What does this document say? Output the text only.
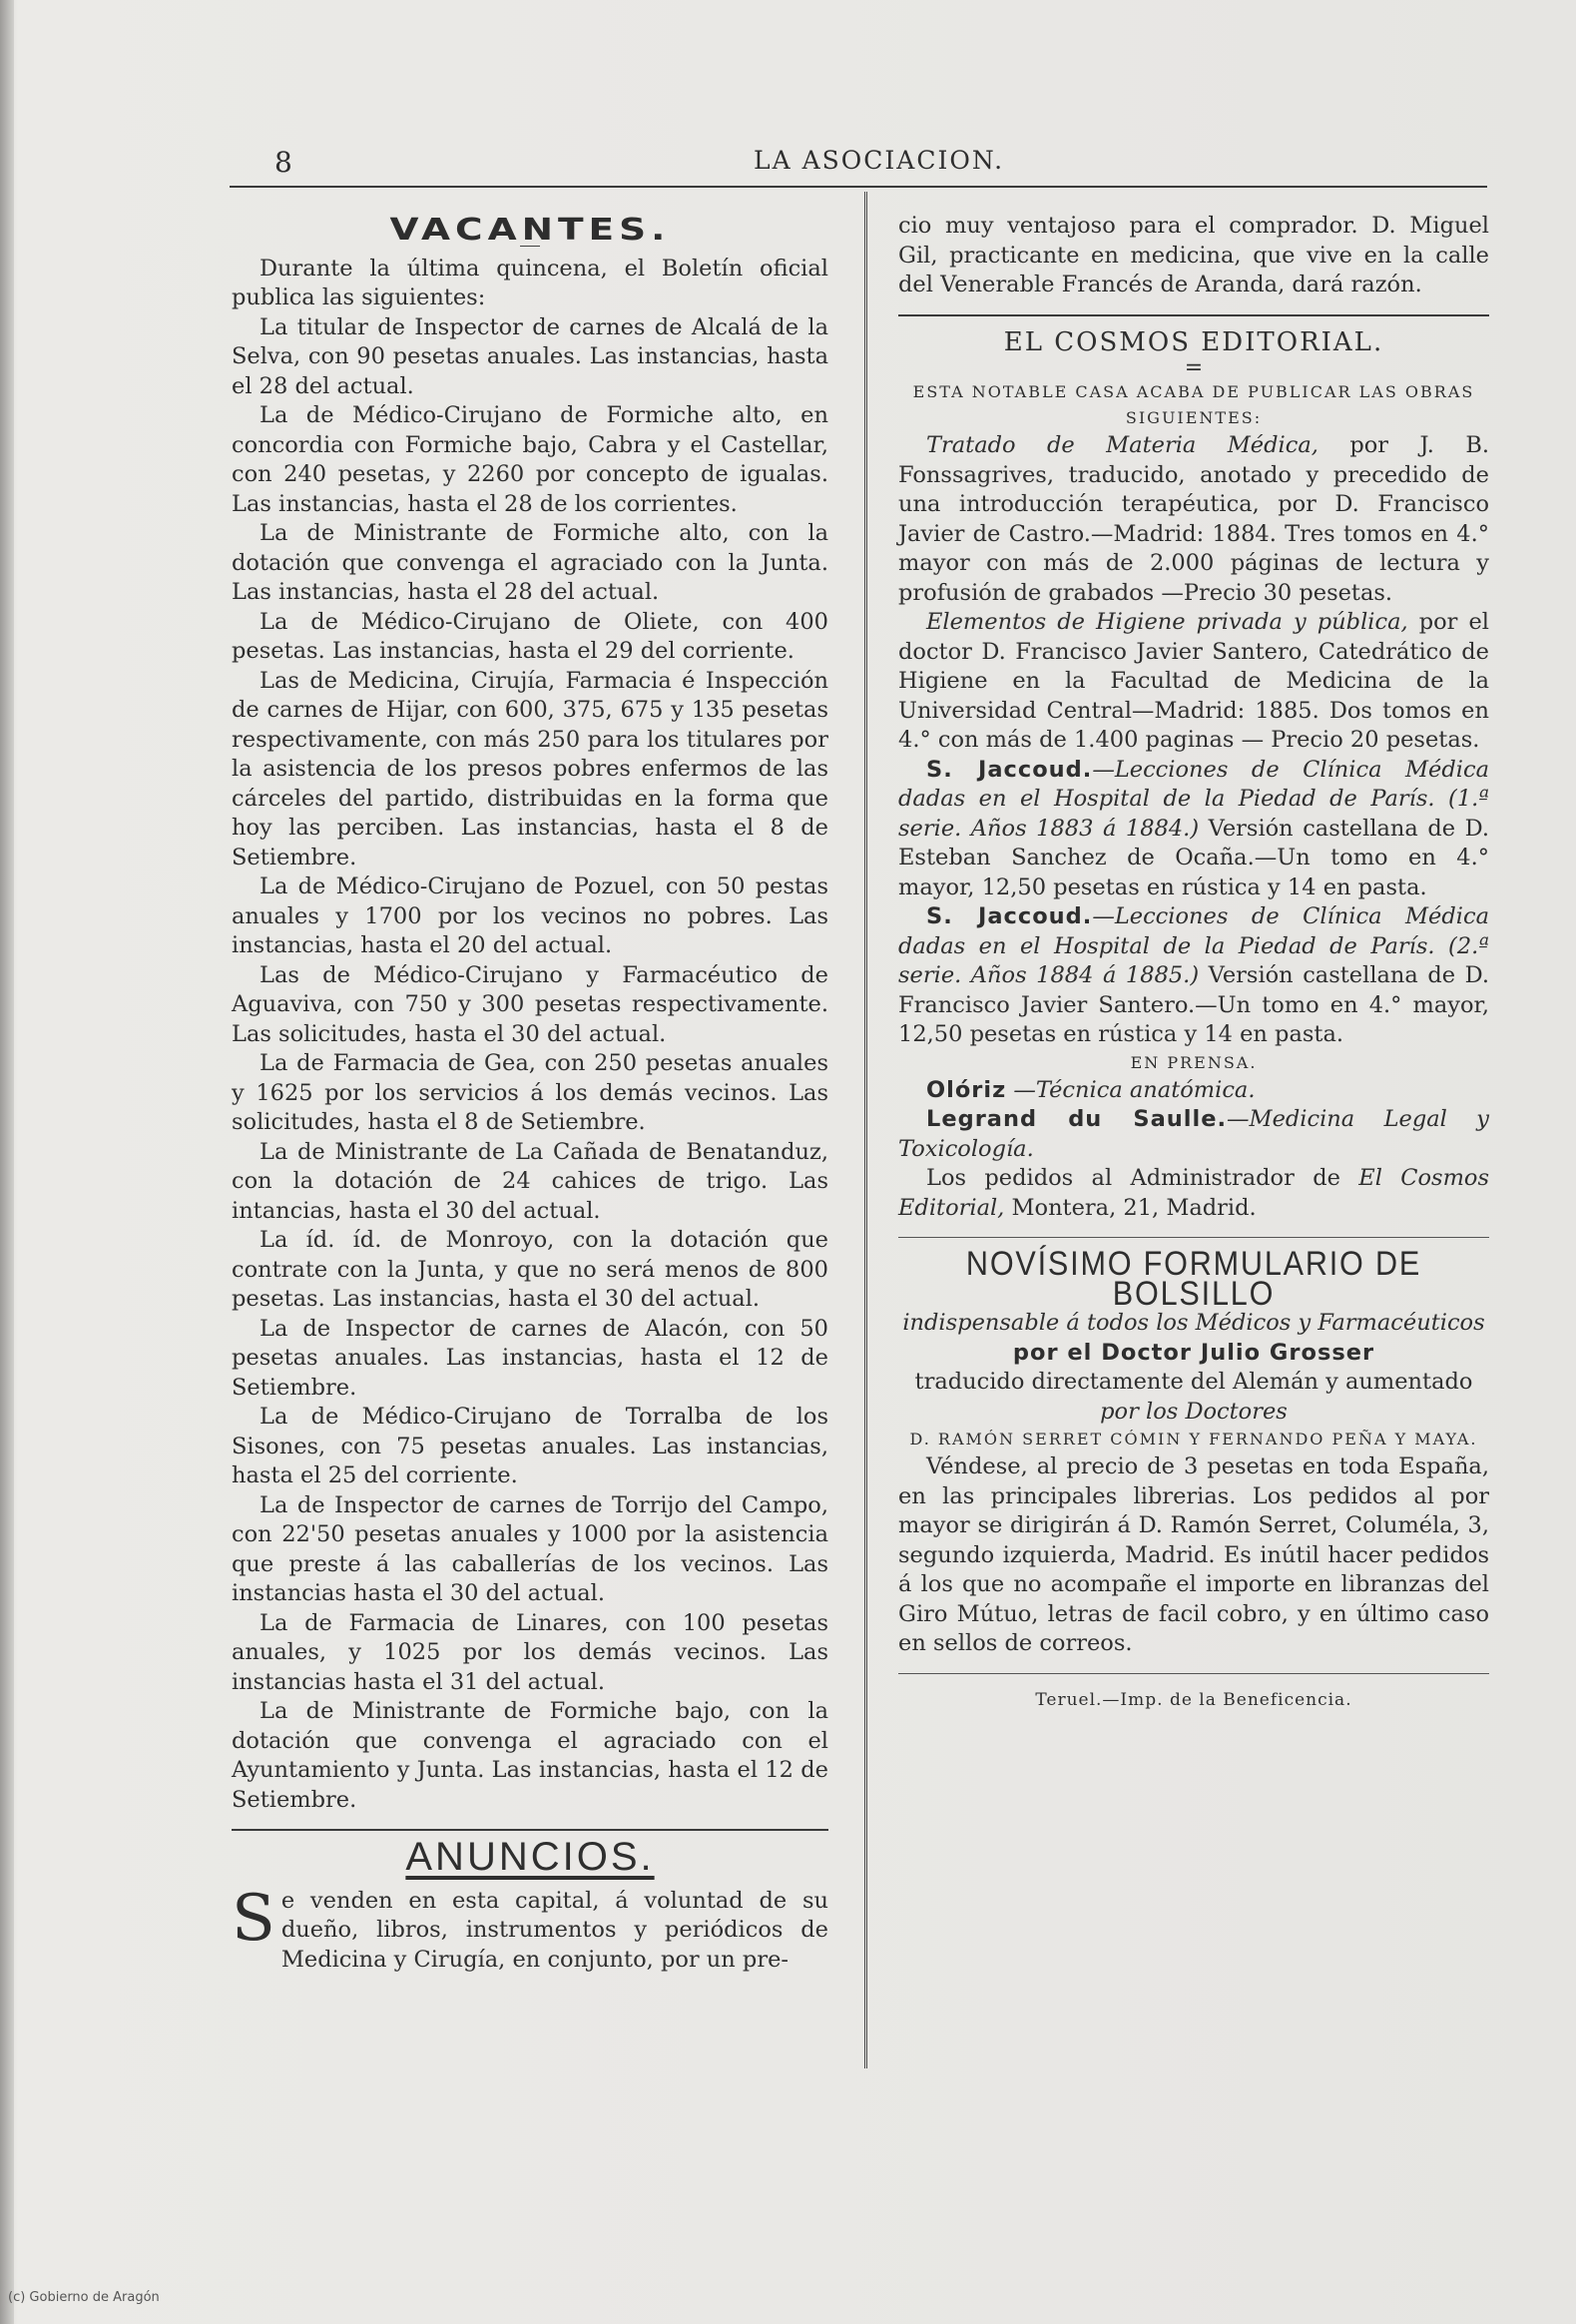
8	LA ASOCIACION.
VACANTES.

Durante la última quincena, el Boletín oficial publica las siguientes:

La titular de Inspector de carnes de Alcalá de la Selva, con 90 pesetas anuales. Las instancias, hasta el 28 del actual.

La de Médico-Cirujano de Formiche alto, en concordia con Formiche bajo, Cabra y el Castellar, con 240 pesetas, y 2260 por concepto de igualas. Las instancias, hasta el 28 de los corrientes.

La de Ministrante de Formiche alto, con la dotación que convenga el agraciado con la Junta. Las instancias, hasta el 28 del actual.

La de Médico-Cirujano de Oliete, con 400 pesetas. Las instancias, hasta el 29 del corriente.

Las de Medicina, Cirujía, Farmacia é Inspección de carnes de Hijar, con 600, 375, 675 y 135 pesetas respectivamente, con más 250 para los titulares por la asistencia de los presos pobres enfermos de las cárceles del partido, distribuidas en la forma que hoy las perciben. Las instancias, hasta el 8 de Setiembre.

La de Médico-Cirujano de Pozuel, con 50 pestas anuales y 1700 por los vecinos no pobres. Las instancias, hasta el 20 del actual.

Las de Médico-Cirujano y Farmacéutico de Aguaviva, con 750 y 300 pesetas respectivamente. Las solicitudes, hasta el 30 del actual.

La de Farmacia de Gea, con 250 pesetas anuales y 1625 por los servicios á los demás vecinos. Las solicitudes, hasta el 8 de Setiembre.

La de Ministrante de La Cañada de Benatanduz, con la dotación de 24 cahices de trigo. Las intancias, hasta el 30 del actual.

La íd. íd. de Monroyo, con la dotación que contrate con la Junta, y que no será menos de 800 pesetas. Las instancias, hasta el 30 del actual.

La de Inspector de carnes de Alacón, con 50 pesetas anuales. Las instancias, hasta el 12 de Setiembre.

La de Médico-Cirujano de Torralba de los Sisones, con 75 pesetas anuales. Las instancias, hasta el 25 del corriente.

La de Inspector de carnes de Torrijo del Campo, con 22'50 pesetas anuales y 1000 por la asistencia que preste á las caballerías de los vecinos. Las instancias hasta el 30 del actual.

La de Farmacia de Linares, con 100 pesetas anuales, y 1025 por los demás vecinos. Las instancias hasta el 31 del actual.

La de Ministrante de Formiche bajo, con la dotación que convenga el agraciado con el Ayuntamiento y Junta. Las instancias, hasta el 12 de Setiembre.

ANUNCIOS.

Se venden en esta capital, á voluntad de su dueño, libros, instrumentos y periódicos de Medicina y Cirugía, en conjunto, por un pre-

cio muy ventajoso para el comprador. D. Miguel Gil, practicante en medicina, que vive en la calle del Venerable Francés de Aranda, dará razón.

EL COSMOS EDITORIAL.
=
ESTA NOTABLE CASA ACABA DE PUBLICAR LAS OBRAS SIGUIENTES:

Tratado de Materia Médica, por J. B. Fonssagrives, traducido, anotado y precedido de una introducción terapéutica, por D. Francisco Javier de Castro.—Madrid: 1884. Tres tomos en 4.° mayor con más de 2.000 páginas de lectura y profusión de grabados —Precio 30 pesetas.

Elementos de Higiene privada y pública, por el doctor D. Francisco Javier Santero, Catedrático de Higiene en la Facultad de Medicina de la Universidad Central—Madrid: 1885. Dos tomos en 4.° con más de 1.400 paginas — Precio 20 pesetas.

S. Jaccoud.—Lecciones de Clínica Médica dadas en el Hospital de la Piedad de París. (1.ª serie. Años 1883 á 1884.) Versión castellana de D. Esteban Sanchez de Ocaña.—Un tomo en 4.° mayor, 12,50 pesetas en rústica y 14 en pasta.

S. Jaccoud.—Lecciones de Clínica Médica dadas en el Hospital de la Piedad de París. (2.ª serie. Años 1884 á 1885.) Versión castellana de D. Francisco Javier Santero.—Un tomo en 4.° mayor, 12,50 pesetas en rústica y 14 en pasta.

EN PRENSA.

Olóriz —Técnica anatómica.

Legrand du Saulle.—Medicina Legal y Toxicología.

Los pedidos al Administrador de El Cosmos Editorial, Montera, 21, Madrid.

NOVÍSIMO FORMULARIO DE BOLSILLO
indispensable á todos los Médicos y Farmacéuticos
por el Doctor Julio Grosser
traducido directamente del Alemán y aumentado
por los Doctores
D. RAMÓN SERRET CÓMIN Y FERNANDO PEÑA Y MAYA.

Véndese, al precio de 3 pesetas en toda España, en las principales librerias. Los pedidos al por mayor se dirigirán á D. Ramón Serret, Columéla, 3, segundo izquierda, Madrid. Es inútil hacer pedidos á los que no acompañe el importe en libranzas del Giro Mútuo, letras de facil cobro, y en último caso en sellos de correos.

Teruel.—Imp. de la Beneficencia.
(c) Gobierno de Aragón
